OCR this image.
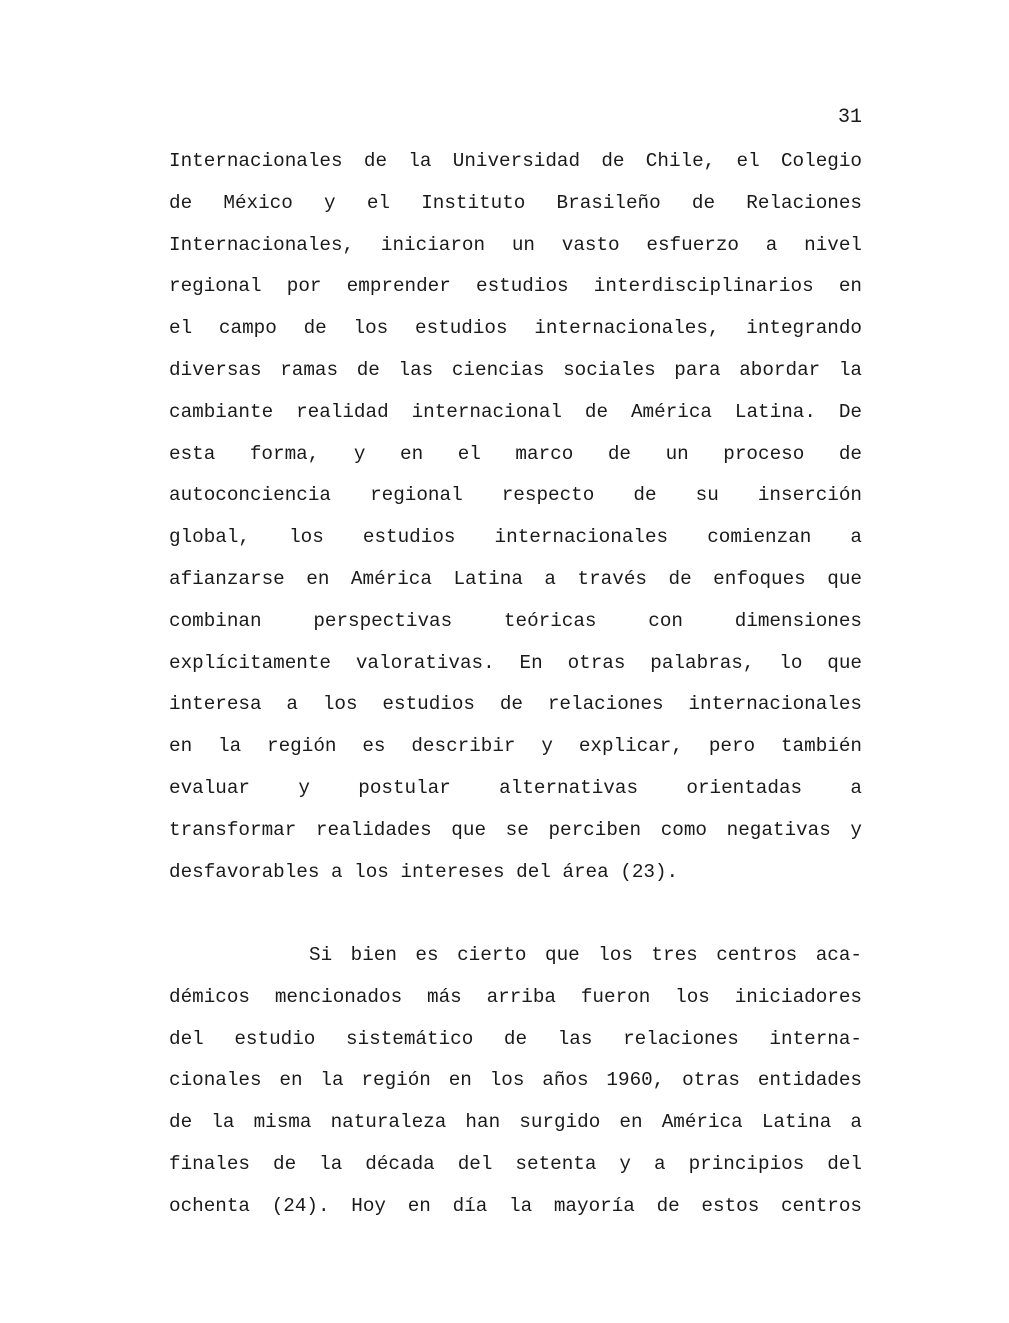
31

Internacionales de la Universidad de Chile, el Colegio
de México y el Instituto Brasileño de Relaciones
Internacionales, iniciaron un vasto esfuerzo a nivel
regional por emprender estudios interdisciplinarios en
el campo de los estudios internacionales, integrando
diversas ramas de las ciencias sociales para abordar la
cambiante realidad internacional de América Latina. De
esta forma, y en el marco de un proceso de
autoconciencia regional respecto de su inserción
global, los estudios internacionales comienzan a
afianzarse en América Latina a través de enfoques que
combinan perspectivas teóricas con dimensiones
explícitamente valorativas. En otras palabras, lo que
interesa a los estudios de relaciones internacionales
en la región es describir y explicar, pero también
evaluar y postular alternativas orientadas a
transformar realidades que se perciben como negativas y
desfavorables a los intereses del área (23).
Si bien es cierto que los tres centros aca-
démicos mencionados más arriba fueron los iniciadores
del estudio sistemático de las relaciones interna-
cionales en la región en los años 1960, otras entidades
de la misma naturaleza han surgido en América Latina a
finales de la década del setenta y a principios del
ochenta (24). Hoy en día la mayoría de estos centros
